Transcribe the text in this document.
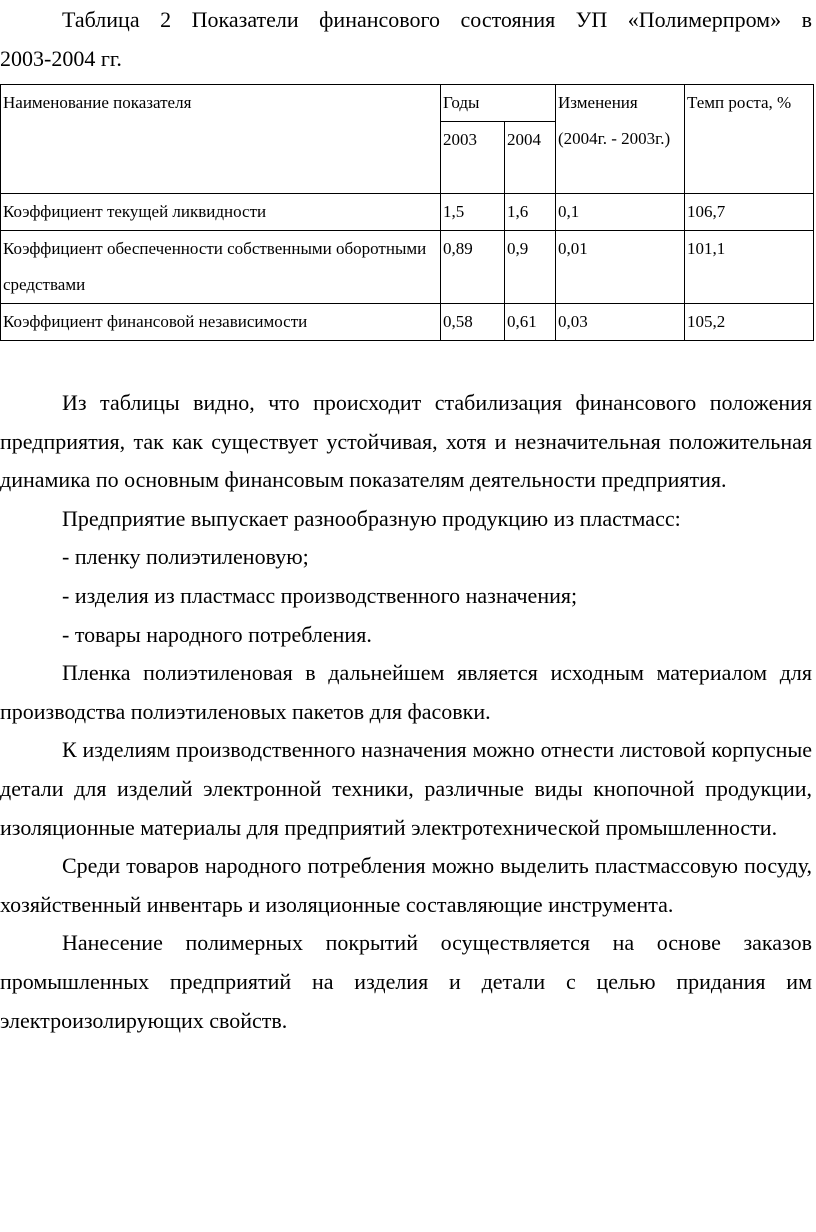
Таблица 2 Показатели финансового состояния УП «Полимерпром» в
2003-2004 гг.
Наименование показателя	Годы		Изменения (2004г. - 2003г.)	Темп роста, %
	2003	2004		
Коэффициент текущей ликвидности	1,5	1,6	0,1	106,7
Коэффициент обеспеченности собственными оборотными средствами	0,89	0,9	0,01	101,1
Коэффициент финансовой независимости	0,58	0,61	0,03	105,2

Из таблицы видно, что происходит стабилизация финансового положения предприятия, так как существует устойчивая, хотя и незначительная положительная динамика по основным финансовым показателям деятельности предприятия.

Предприятие выпускает разнообразную продукцию из пластмасс:

- пленку полиэтиленовую;

- изделия из пластмасс производственного назначения;

- товары народного потребления.

Пленка полиэтиленовая в дальнейшем является исходным материалом для производства полиэтиленовых пакетов для фасовки.

К изделиям производственного назначения можно отнести листовой корпусные детали для изделий электронной техники, различные виды кнопочной продукции, изоляционные материалы для предприятий электротехнической промышленности.

Среди товаров народного потребления можно выделить пластмассовую посуду, хозяйственный инвентарь и изоляционные составляющие инструмента.

Нанесение полимерных покрытий осуществляется на основе заказов промышленных предприятий на изделия и детали с целью придания им электроизолирующих свойств.
